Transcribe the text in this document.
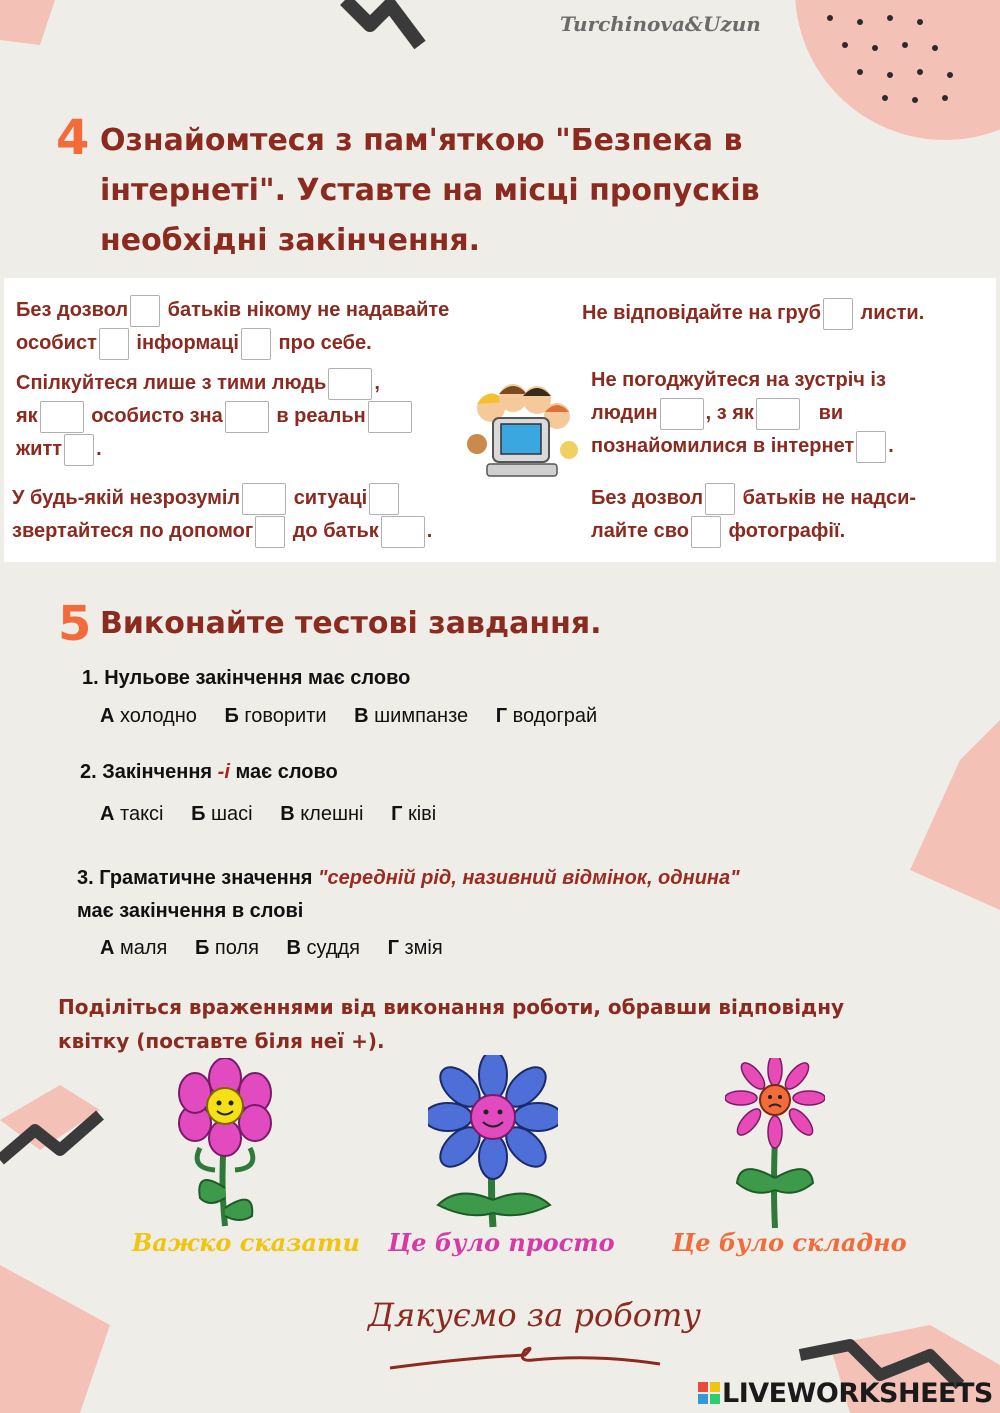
Turchinova&Uzun
4 Ознайомтеся з пам'яткою "Безпека в
інтернеті". Уставте на місці пропусків
необхідні закінчення.
Без дозвол батьків нікому не надавайте
особист інформаці про себе.
Спілкуйтеся лише з тими людь ,
як	особисто зна	в реальн
житт .
У будь-якій незрозуміл	ситуаці
звертайтеся по допомог до батьк .
Не відповідайте на груб листи.
Не погоджуйтеся на зустріч із
людин , з як	ви
познайомилися в інтернет .
Без дозвол батьків не надси-
лайте сво фотографії.
5 Виконайте тестові завдання.
1. Нульове закінчення має слово
А холодно Б говорити В шимпанзе Г водограй
2. Закінчення -і має слово
А таксі Б шасі В клешні Г ківі
3. Граматичне значення "середній рід, називний відмінок, однина"
має закінчення в слові
А маля Б поля В суддя Г змія
Поділіться враженнями від виконання роботи, обравши відповідну
квітку (поставте біля неї +).
Важко сказати Це було просто Це було складно
Дякуємо за роботу
LIVEWORKSHEETS
